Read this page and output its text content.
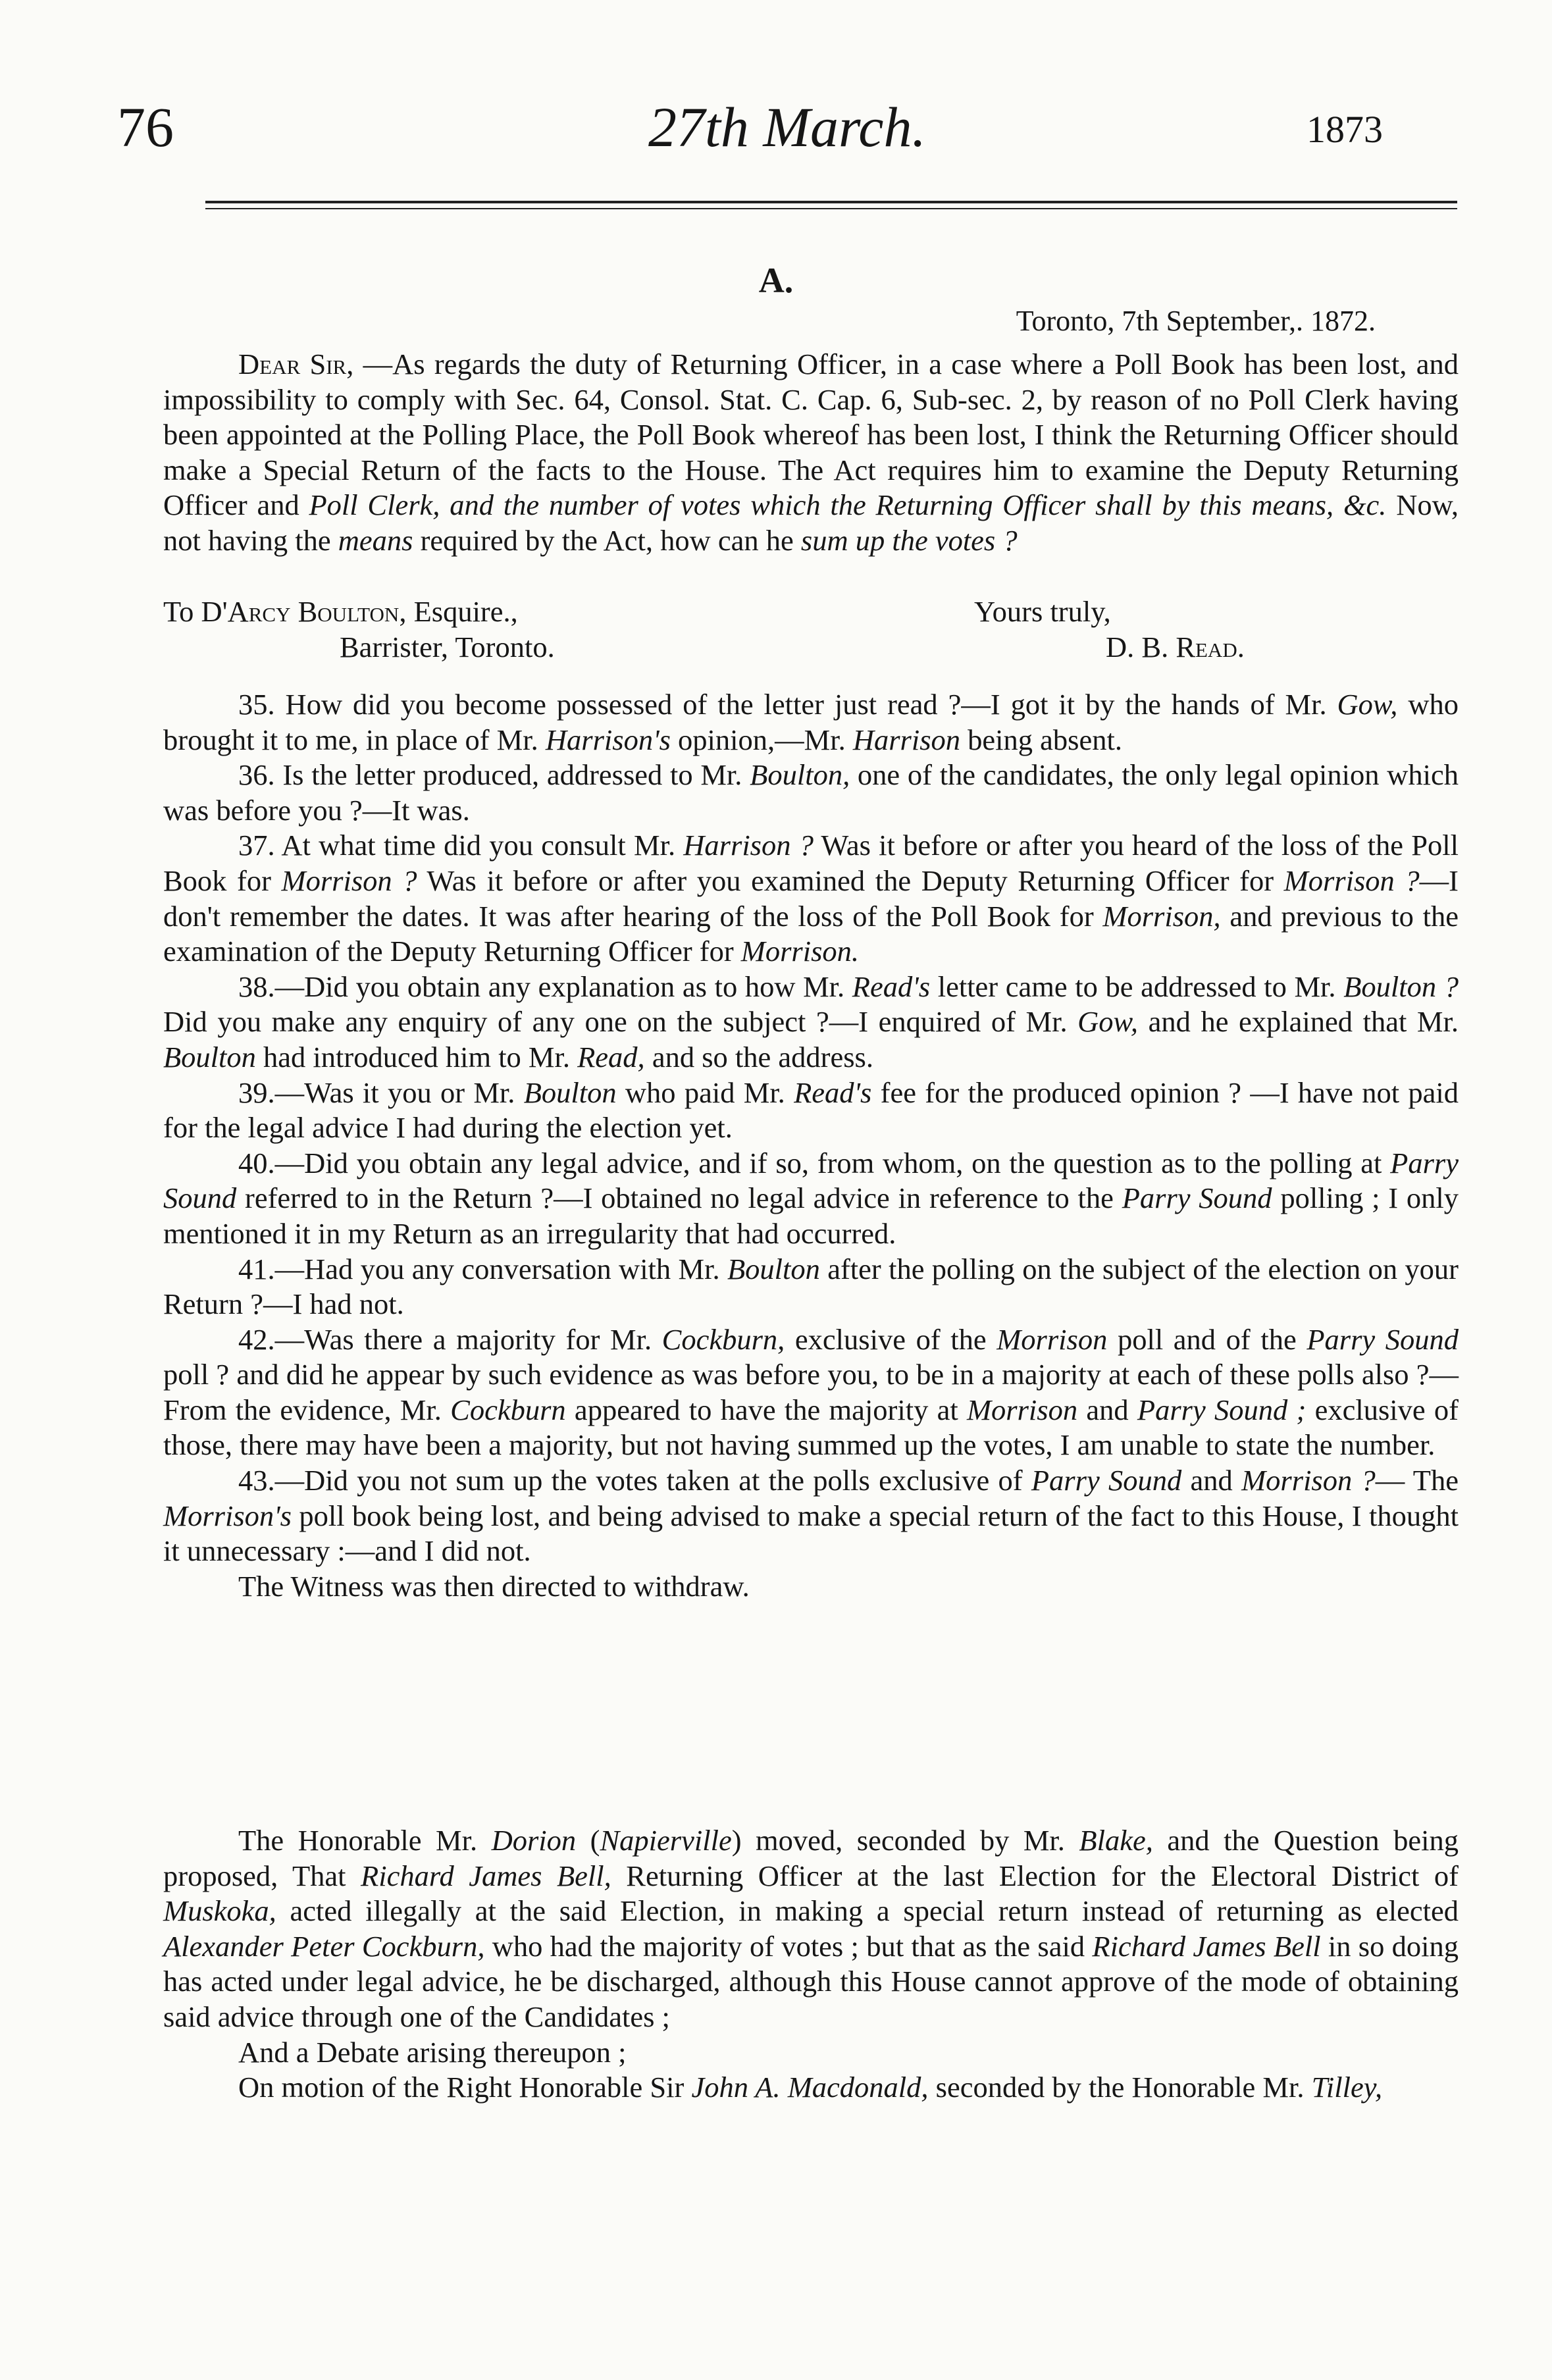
76	27th March.	1873
A.
Toronto, 7th September,. 1872.

Dear Sir, —As regards the duty of Returning Officer, in a case where a Poll Book has been lost, and impossibility to comply with Sec. 64, Consol. Stat. C. Cap. 6, Sub-sec. 2, by reason of no Poll Clerk having been appointed at the Polling Place, the Poll Book whereof has been lost, I think the Returning Officer should make a Special Return of the facts to the House. The Act requires him to examine the Deputy Returning Officer and Poll Clerk, and the number of votes which the Returning Officer shall by this means, &c. Now, not having the means required by the Act, how can he sum up the votes ?

To D'Arcy Boulton, Esquire.,
Barrister, Toronto.
Yours truly,
D. B. Read.

35. How did you become possessed of the letter just read ?—I got it by the hands of Mr. Gow, who brought it to me, in place of Mr. Harrison's opinion,—Mr. Harrison being absent.

36. Is the letter produced, addressed to Mr. Boulton, one of the candidates, the only legal opinion which was before you ?—It was.

37. At what time did you consult Mr. Harrison ? Was it before or after you heard of the loss of the Poll Book for Morrison ? Was it before or after you examined the Deputy Returning Officer for Morrison ?—I don't remember the dates. It was after hearing of the loss of the Poll Book for Morrison, and previous to the examination of the Deputy Returning Officer for Morrison.

38.—Did you obtain any explanation as to how Mr. Read's letter came to be addressed to Mr. Boulton ? Did you make any enquiry of any one on the subject ?—I enquired of Mr. Gow, and he explained that Mr. Boulton had introduced him to Mr. Read, and so the address.

39.—Was it you or Mr. Boulton who paid Mr. Read's fee for the produced opinion ? —I have not paid for the legal advice I had during the election yet.

40.—Did you obtain any legal advice, and if so, from whom, on the question as to the polling at Parry Sound referred to in the Return ?—I obtained no legal advice in reference to the Parry Sound polling ; I only mentioned it in my Return as an irregularity that had occurred.

41.—Had you any conversation with Mr. Boulton after the polling on the subject of the election on your Return ?—I had not.

42.—Was there a majority for Mr. Cockburn, exclusive of the Morrison poll and of the Parry Sound poll ? and did he appear by such evidence as was before you, to be in a majority at each of these polls also ?— From the evidence, Mr. Cockburn appeared to have the majority at Morrison and Parry Sound ; exclusive of those, there may have been a majority, but not having summed up the votes, I am unable to state the number.

43.—Did you not sum up the votes taken at the polls exclusive of Parry Sound and Morrison ?— The Morrison's poll book being lost, and being advised to make a special return of the fact to this House, I thought it unnecessary :—and I did not.

The Witness was then directed to withdraw.

The Honorable Mr. Dorion (Napierville) moved, seconded by Mr. Blake, and the Question being proposed, That Richard James Bell, Returning Officer at the last Election for the Electoral District of Muskoka, acted illegally at the said Election, in making a special return instead of returning as elected Alexander Peter Cockburn, who had the majority of votes ; but that as the said Richard James Bell in so doing has acted under legal advice, he be discharged, although this House cannot approve of the mode of obtaining said advice through one of the Candidates ;

And a Debate arising thereupon ;

On motion of the Right Honorable Sir John A. Macdonald, seconded by the Honorable Mr. Tilley,
